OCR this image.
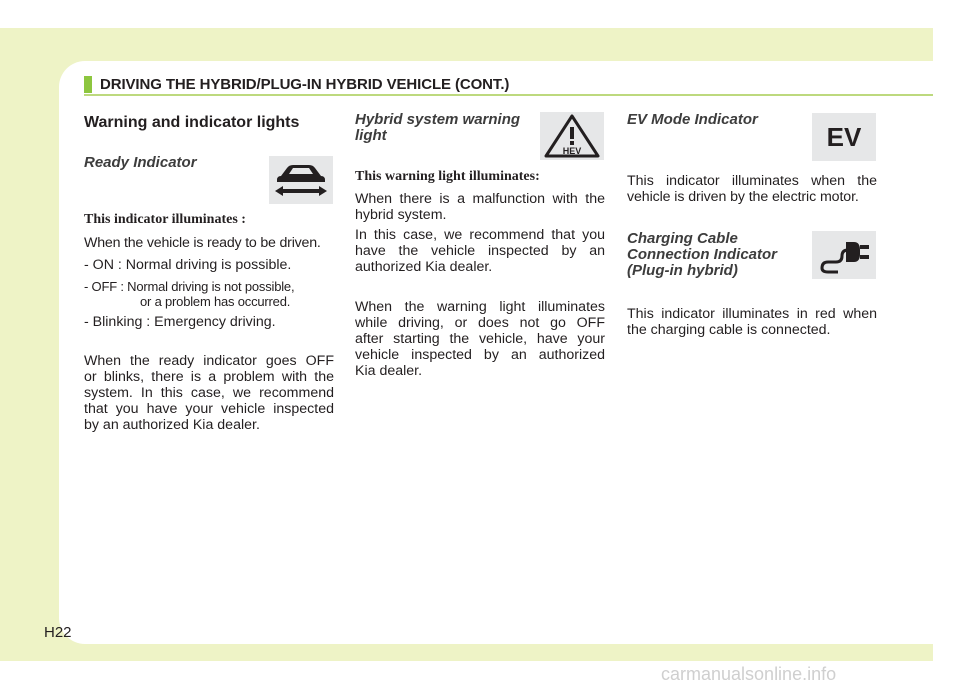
DRIVING THE HYBRID/PLUG-IN HYBRID VEHICLE (CONT.)
Warning and indicator lights
Ready Indicator
This indicator illuminates :
When the vehicle is ready to be driven.
- ON : Normal driving is possible.
- OFF : Normal driving is not possible,
or a problem has occurred.
- Blinking : Emergency driving.
When the ready indicator goes OFF
or blinks, there is a problem with the
system. In this case, we recommend
that you have your vehicle inspected
by an authorized Kia dealer.
Hybrid system warning
light
HEV
This warning light illuminates:
When there is a malfunction with the
hybrid system.
In this case, we recommend that you
have the vehicle inspected by an
authorized Kia dealer.
When the warning light illuminates
while driving, or does not go OFF
after starting the vehicle, have your
vehicle inspected by an authorized
Kia dealer.
EV Mode Indicator
EV
This indicator illuminates when the
vehicle is driven by the electric motor.
Charging Cable
Connection Indicator
(Plug-in hybrid)
This indicator illuminates in red when
the charging cable is connected.
H22
carmanualsonline.info
